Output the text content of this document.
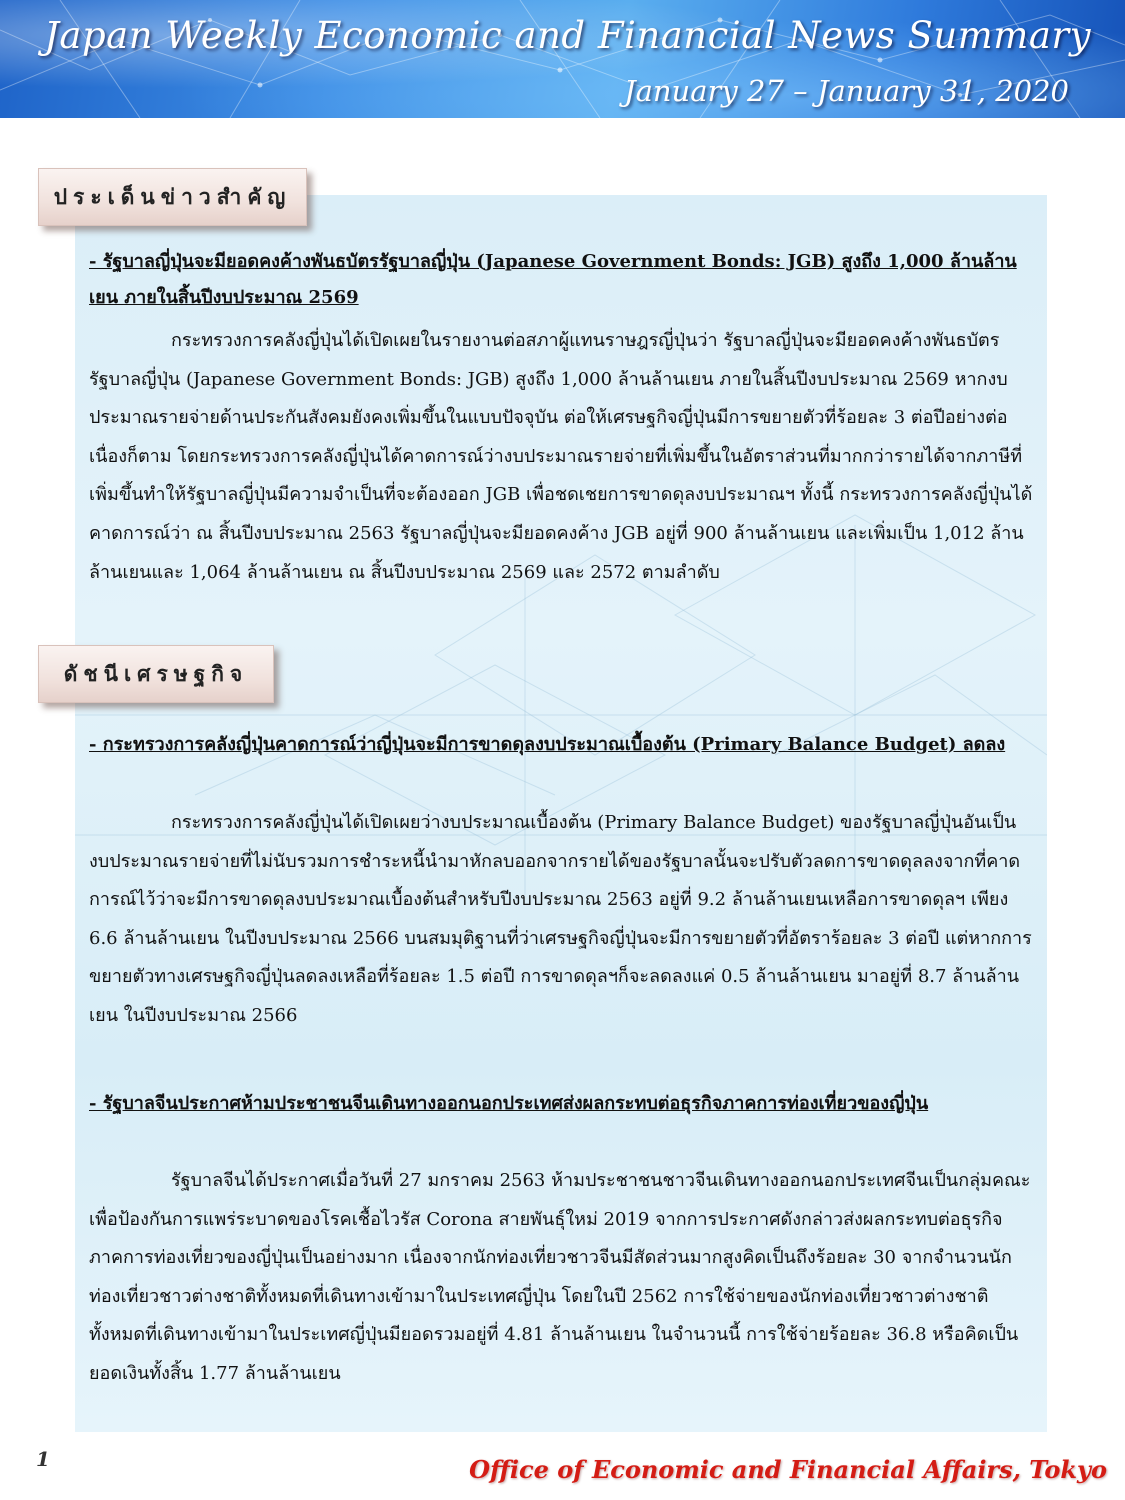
Japan Weekly Economic and Financial News Summary
January 27 – January 31, 2020
ประเด็นข่าวสำคัญ
ดัชนีเศรษฐกิจ

- รัฐบาลญี่ปุ่นจะมียอดคงค้างพันธบัตรรัฐบาลญี่ปุ่น (Japanese Government Bonds: JGB) สูงถึง 1,000 ล้านล้านเยน ภายในสิ้นปีงบประมาณ 2569

กระทรวงการคลังญี่ปุ่นได้เปิดเผยในรายงานต่อสภาผู้แทนราษฎรญี่ปุ่นว่า รัฐบาลญี่ปุ่นจะมียอดคงค้างพันธบัตรรัฐบาลญี่ปุ่น (Japanese Government Bonds: JGB) สูงถึง 1,000 ล้านล้านเยน ภายในสิ้นปีงบประมาณ 2569 หากงบประมาณรายจ่ายด้านประกันสังคมยังคงเพิ่มขึ้นในแบบปัจจุบัน ต่อให้เศรษฐกิจญี่ปุ่นมีการขยายตัวที่ร้อยละ 3 ต่อปีอย่างต่อเนื่องก็ตาม โดยกระทรวงการคลังญี่ปุ่นได้คาดการณ์ว่างบประมาณรายจ่ายที่เพิ่มขึ้นในอัตราส่วนที่มากกว่ารายได้จากภาษีที่เพิ่มขึ้นทำให้รัฐบาลญี่ปุ่นมีความจำเป็นที่จะต้องออก JGB เพื่อชดเชยการขาดดุลงบประมาณฯ ทั้งนี้ กระทรวงการคลังญี่ปุ่นได้คาดการณ์ว่า ณ สิ้นปีงบประมาณ 2563 รัฐบาลญี่ปุ่นจะมียอดคงค้าง JGB อยู่ที่ 900 ล้านล้านเยน และเพิ่มเป็น 1,012 ล้านล้านเยนและ 1,064 ล้านล้านเยน ณ สิ้นปีงบประมาณ 2569 และ 2572 ตามลำดับ

- กระทรวงการคลังญี่ปุ่นคาดการณ์ว่าญี่ปุ่นจะมีการขาดดุลงบประมาณเบื้องต้น (Primary Balance Budget) ลดลง

กระทรวงการคลังญี่ปุ่นได้เปิดเผยว่างบประมาณเบื้องต้น (Primary Balance Budget) ของรัฐบาลญี่ปุ่นอันเป็นงบประมาณรายจ่ายที่ไม่นับรวมการชำระหนี้นำมาหักลบออกจากรายได้ของรัฐบาลนั้นจะปรับตัวลดการขาดดุลลงจากที่คาดการณ์ไว้ว่าจะมีการขาดดุลงบประมาณเบื้องต้นสำหรับปีงบประมาณ 2563 อยู่ที่ 9.2 ล้านล้านเยนเหลือการขาดดุลฯ เพียง 6.6 ล้านล้านเยน ในปีงบประมาณ 2566 บนสมมุติฐานที่ว่าเศรษฐกิจญี่ปุ่นจะมีการขยายตัวที่อัตราร้อยละ 3 ต่อปี แต่หากการขยายตัวทางเศรษฐกิจญี่ปุ่นลดลงเหลือที่ร้อยละ 1.5 ต่อปี การขาดดุลฯก็จะลดลงแค่ 0.5 ล้านล้านเยน มาอยู่ที่ 8.7 ล้านล้านเยน ในปีงบประมาณ 2566

- รัฐบาลจีนประกาศห้ามประชาชนจีนเดินทางออกนอกประเทศส่งผลกระทบต่อธุรกิจภาคการท่องเที่ยวของญี่ปุ่น

รัฐบาลจีนได้ประกาศเมื่อวันที่ 27 มกราคม 2563 ห้ามประชาชนชาวจีนเดินทางออกนอกประเทศจีนเป็นกลุ่มคณะเพื่อป้องกันการแพร่ระบาดของโรคเชื้อไวรัส Corona สายพันธุ์ใหม่ 2019 จากการประกาศดังกล่าวส่งผลกระทบต่อธุรกิจภาคการท่องเที่ยวของญี่ปุ่นเป็นอย่างมาก เนื่องจากนักท่องเที่ยวชาวจีนมีสัดส่วนมากสูงคิดเป็นถึงร้อยละ 30 จากจำนวนนักท่องเที่ยวชาวต่างชาติทั้งหมดที่เดินทางเข้ามาในประเทศญี่ปุ่น โดยในปี 2562 การใช้จ่ายของนักท่องเที่ยวชาวต่างชาติทั้งหมดที่เดินทางเข้ามาในประเทศญี่ปุ่นมียอดรวมอยู่ที่ 4.81 ล้านล้านเยน ในจำนวนนี้ การใช้จ่ายร้อยละ 36.8 หรือคิดเป็นยอดเงินทั้งสิ้น 1.77 ล้านล้านเยน

1	Office of Economic and Financial Affairs, Tokyo
